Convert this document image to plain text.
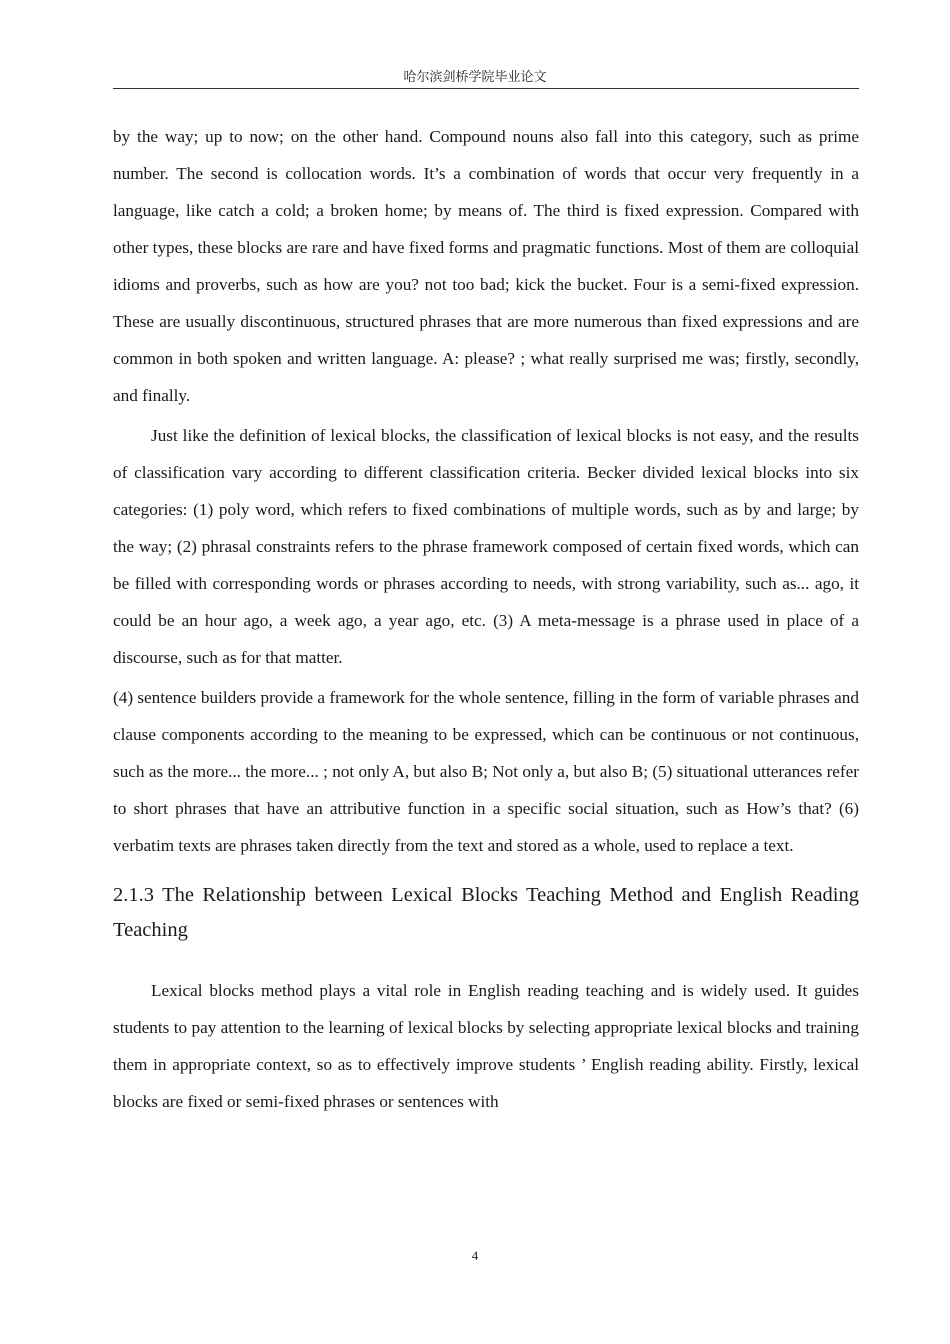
哈尔滨剑桥学院毕业论文

by the way; up to now; on the other hand. Compound nouns also fall into this category, such as prime number. The second is collocation words. It’s a combination of words that occur very frequently in a language, like catch a cold; a broken home; by means of. The third is fixed expression. Compared with other types, these blocks are rare and have fixed forms and pragmatic functions. Most of them are colloquial idioms and proverbs, such as how are you? not too bad; kick the bucket. Four is a semi-fixed expression. These are usually discontinuous, structured phrases that are more numerous than fixed expressions and are common in both spoken and written language. A: please? ; what really surprised me was; firstly, secondly, and finally.

Just like the definition of lexical blocks, the classification of lexical blocks is not easy, and the results of classification vary according to different classification criteria. Becker divided lexical blocks into six categories: (1) poly word, which refers to fixed combinations of multiple words, such as by and large; by the way; (2) phrasal constraints refers to the phrase framework composed of certain fixed words, which can be filled with corresponding words or phrases according to needs, with strong variability, such as... ago, it could be an hour ago, a week ago, a year ago, etc. (3) A meta-message is a phrase used in place of a discourse, such as for that matter.

(4) sentence builders provide a framework for the whole sentence, filling in the form of variable phrases and clause components according to the meaning to be expressed, which can be continuous or not continuous, such as the more... the more... ; not only A, but also B; Not only a, but also B; (5) situational utterances refer to short phrases that have an attributive function in a specific social situation, such as How’s that? (6) verbatim texts are phrases taken directly from the text and stored as a whole, used to replace a text.

2.1.3 The Relationship between Lexical Blocks Teaching Method and English Reading Teaching

Lexical blocks method plays a vital role in English reading teaching and is widely used. It guides students to pay attention to the learning of lexical blocks by selecting appropriate lexical blocks and training them in appropriate context, so as to effectively improve students ’ English reading ability. Firstly, lexical blocks are fixed or semi-fixed phrases or sentences with

4
